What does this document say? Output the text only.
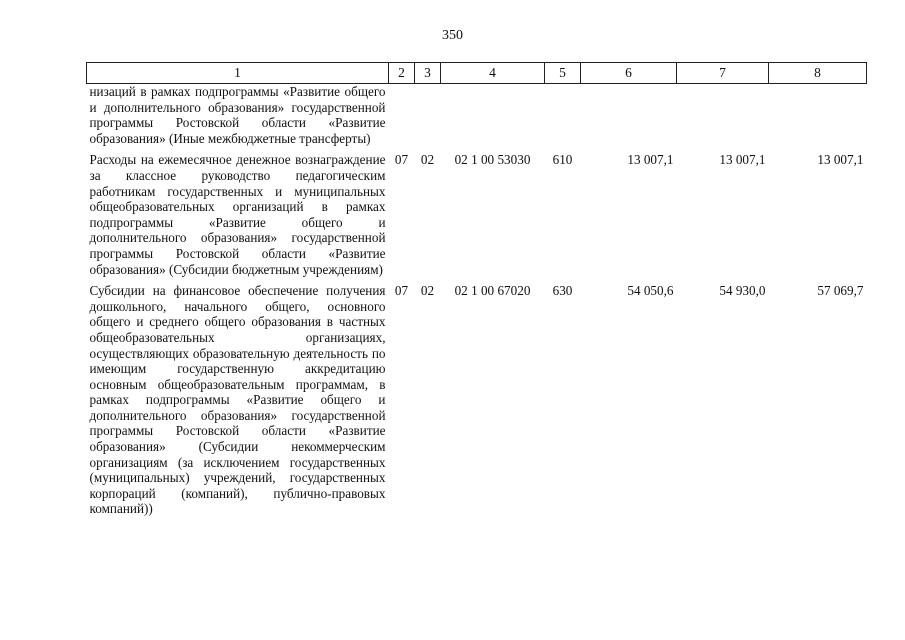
350
1	2	3	4	5	6	7	8
низаций в рамках подпрограммы «Развитие общего и дополнительного образования» государственной программы Ростовской области «Развитие образования» (Иные межбюджетные трансферты)							
Расходы на ежемесячное денежное вознаграждение за классное руководство педагогическим работникам государственных и муниципальных общеобразовательных организаций в рамках подпрограммы «Развитие общего и дополнительного образования» государственной программы Ростовской области «Развитие образования» (Субсидии бюджетным учреждениям)	07	02	02 1 00 53030	610	13 007,1	13 007,1	13 007,1
Субсидии на финансовое обеспечение получения дошкольного, начального общего, основного общего и среднего общего образования в частных общеобразовательных организациях, осуществляющих образовательную деятельность по имеющим государственную аккредитацию основным общеобразовательным программам, в рамках подпрограммы «Развитие общего и дополнительного образования» государственной программы Ростовской области «Развитие образования» (Субсидии некоммерческим организациям (за исключением государственных (муниципальных) учреждений, государственных корпораций (компаний), публично-правовых компаний))	07	02	02 1 00 67020	630	54 050,6	54 930,0	57 069,7
